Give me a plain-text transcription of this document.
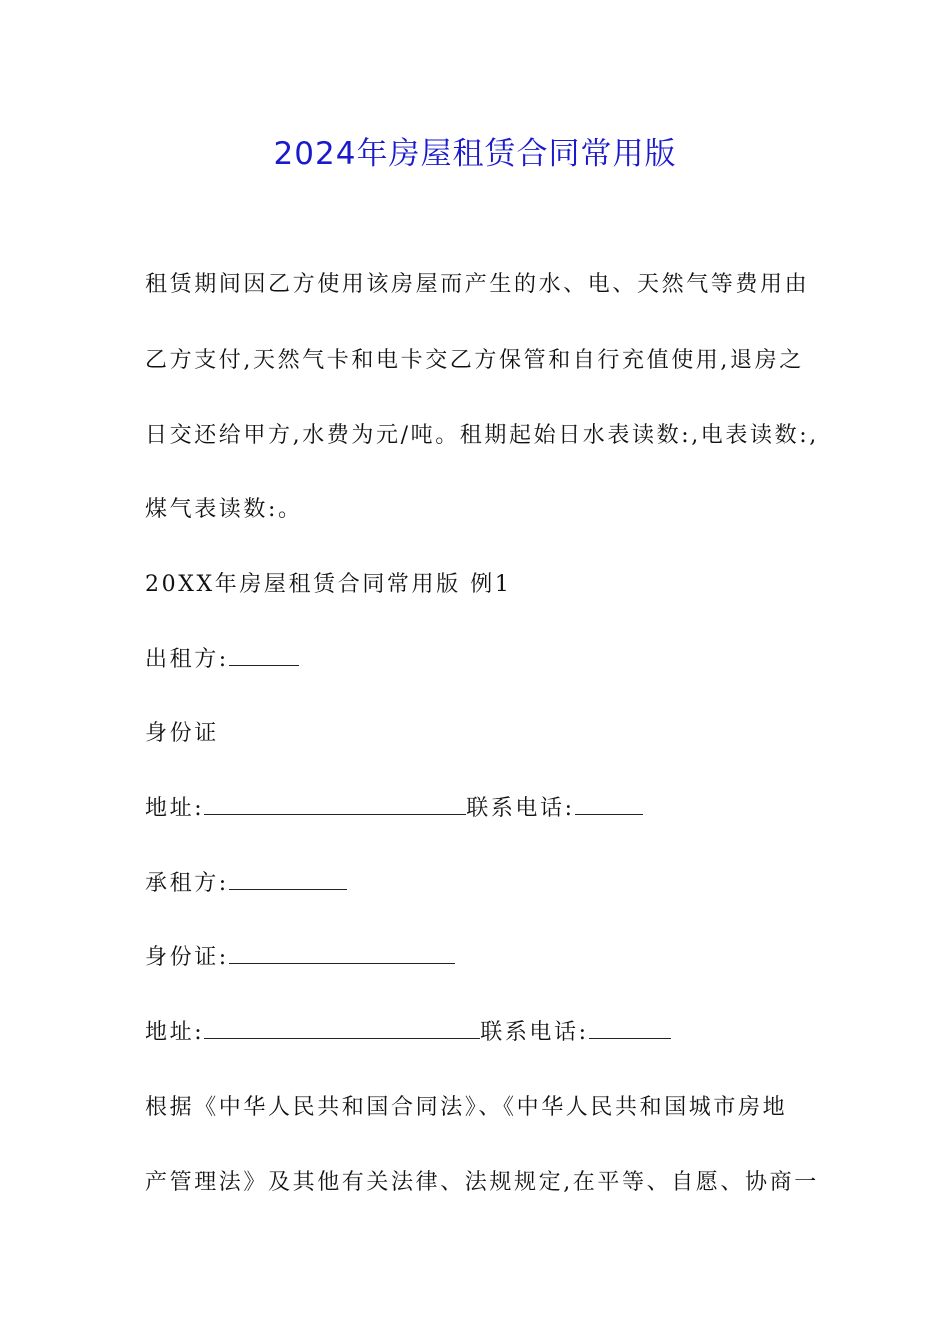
2024年房屋租赁合同常用版
租赁期间因乙方使用该房屋而产生的水、电、天然气等费用由
乙方支付,天然气卡和电卡交乙方保管和自行充值使用,退房之
日交还给甲方,水费为元/吨。租期起始日水表读数:,电表读数:,
煤气表读数:。
20XX年房屋租赁合同常用版 例1
出租方:
身份证
地址:	联系电话:
承租方:
身份证:
地址:	联系电话:
根据《中华人民共和国合同法》、《中华人民共和国城市房地
产管理法》及其他有关法律、法规规定,在平等、自愿、协商一
